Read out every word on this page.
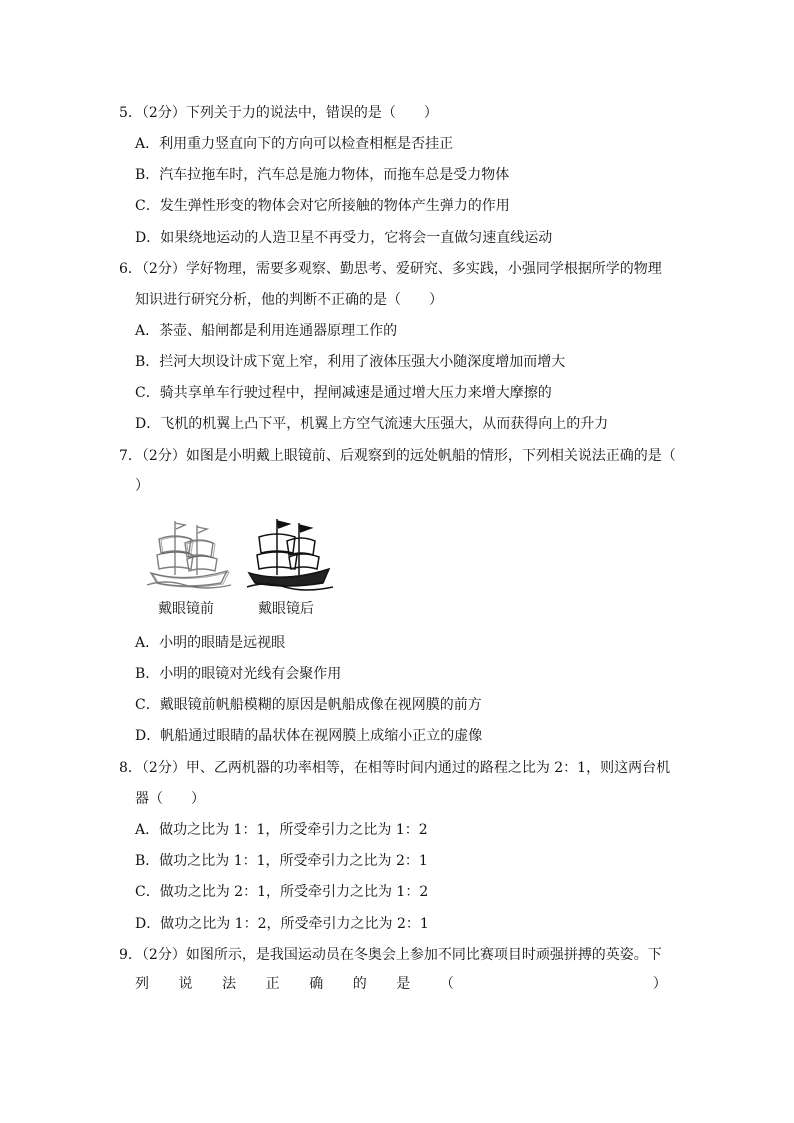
5．（2分）下列关于力的说法中，错误的是（　　）
A．利用重力竖直向下的方向可以检查相框是否挂正
B．汽车拉拖车时，汽车总是施力物体，而拖车总是受力物体
C．发生弹性形变的物体会对它所接触的物体产生弹力的作用
D．如果绕地运动的人造卫星不再受力，它将会一直做匀速直线运动
6．（2分）学好物理，需要多观察、勤思考、爱研究、多实践，小强同学根据所学的物理
知识进行研究分析，他的判断不正确的是（　　）
A．茶壶、船闸都是利用连通器原理工作的
B．拦河大坝设计成下宽上窄，利用了液体压强大小随深度增加而增大
C．骑共享单车行驶过程中，捏闸减速是通过增大压力来增大摩擦的
D．飞机的机翼上凸下平，机翼上方空气流速大压强大，从而获得向上的升力
7．（2分）如图是小明戴上眼镜前、后观察到的远处帆船的情形，下列相关说法正确的是（
）
戴眼镜前	戴眼镜后
A．小明的眼睛是远视眼
B．小明的眼镜对光线有会聚作用
C．戴眼镜前帆船模糊的原因是帆船成像在视网膜的前方
D．帆船通过眼睛的晶状体在视网膜上成缩小正立的虚像
8．（2分）甲、乙两机器的功率相等，在相等时间内通过的路程之比为 2：1，则这两台机
器（　　）
A．做功之比为 1：1，所受牵引力之比为 1：2
B．做功之比为 1：1，所受牵引力之比为 2：1
C．做功之比为 2：1，所受牵引力之比为 1：2
D．做功之比为 1：2，所受牵引力之比为 2：1
9．（2分）如图所示，是我国运动员在冬奥会上参加不同比赛项目时顽强拼搏的英姿。下
列 说 法 正 确 的 是 （	）
